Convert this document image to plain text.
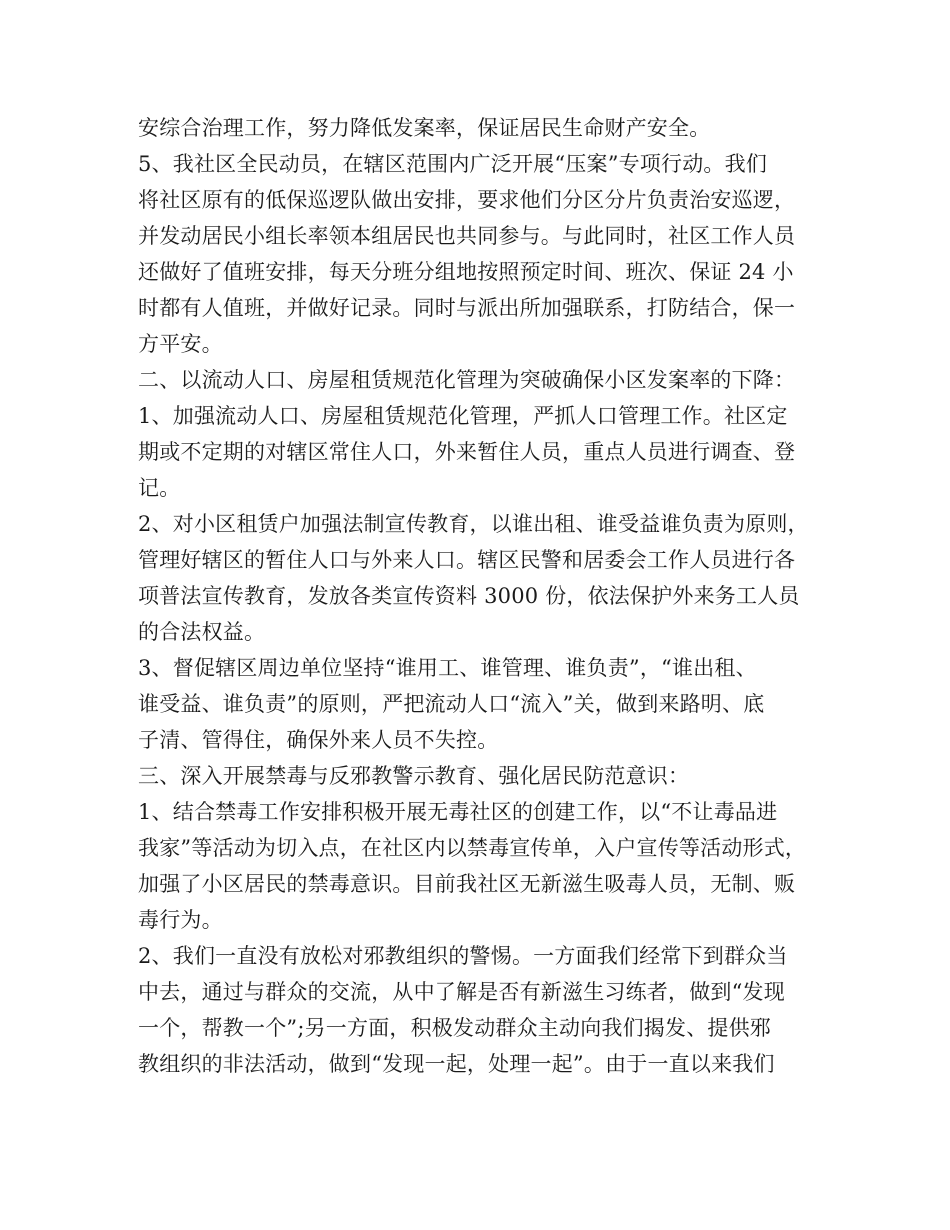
安综合治理工作，努力降低发案率，保证居民生命财产安全。
5、我社区全民动员，在辖区范围内广泛开展“压案”专项行动。我们
将社区原有的低保巡逻队做出安排，要求他们分区分片负责治安巡逻，
并发动居民小组长率领本组居民也共同参与。与此同时，社区工作人员
还做好了值班安排，每天分班分组地按照预定时间、班次、保证 24 小
时都有人值班，并做好记录。同时与派出所加强联系，打防结合，保一
方平安。
二、以流动人口、房屋租赁规范化管理为突破确保小区发案率的下降：
1、加强流动人口、房屋租赁规范化管理，严抓人口管理工作。社区定
期或不定期的对辖区常住人口，外来暂住人员，重点人员进行调查、登
记。
2、对小区租赁户加强法制宣传教育，以谁出租、谁受益谁负责为原则，
管理好辖区的暂住人口与外来人口。辖区民警和居委会工作人员进行各
项普法宣传教育，发放各类宣传资料 3000 份，依法保护外来务工人员
的合法权益。
3、督促辖区周边单位坚持“谁用工、谁管理、谁负责”，“谁出租、
谁受益、谁负责”的原则，严把流动人口“流入”关，做到来路明、底
子清、管得住，确保外来人员不失控。
三、深入开展禁毒与反邪教警示教育、强化居民防范意识：
1、结合禁毒工作安排积极开展无毒社区的创建工作，以“不让毒品进
我家”等活动为切入点，在社区内以禁毒宣传单，入户宣传等活动形式，
加强了小区居民的禁毒意识。目前我社区无新滋生吸毒人员，无制、贩
毒行为。
2、我们一直没有放松对邪教组织的警惕。一方面我们经常下到群众当
中去，通过与群众的交流，从中了解是否有新滋生习练者，做到“发现
一个，帮教一个”;另一方面，积极发动群众主动向我们揭发、提供邪
教组织的非法活动，做到“发现一起，处理一起”。由于一直以来我们
